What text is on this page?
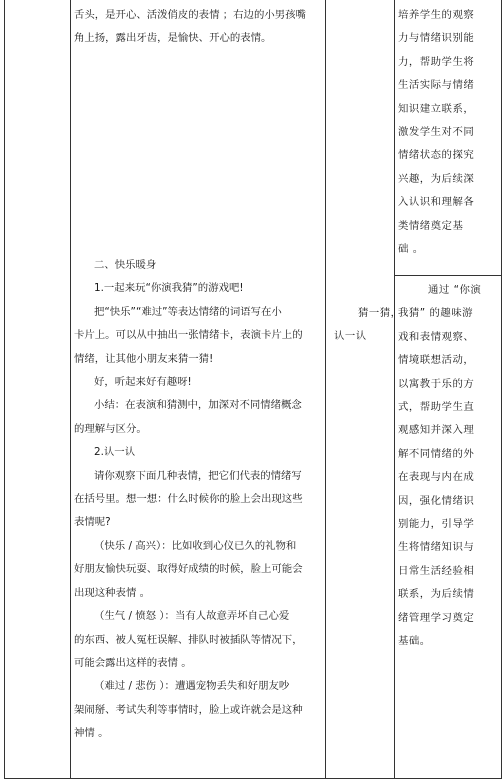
舌头，是开心、活泼俏皮的表情 ；右边的小男孩嘴

角上扬，露出牙齿，是愉快、开心的表情。

二、快乐暖身

1.一起来玩“你演我猜”的游戏吧!

把“快乐”“难过”等表达情绪的词语写在小

卡片上。可以从中抽出一张情绪卡，表演卡片上的

情绪，让其他小朋友来猜一猜!

好，听起来好有趣呀!

小结：在表演和猜测中，加深对不同情绪概念

的理解与区分。

2.认一认

请你观察下面几种表情，把它们代表的情绪写

在括号里。想一想：什么时候你的脸上会出现这些

表情呢?

（快乐 / 高兴）：比如收到心仪已久的礼物和

好朋友愉快玩耍、取得好成绩的时候，脸上可能会

出现这种表情 。

（生气 / 愤怒 ）：当有人故意弄坏自己心爱

的东西、被人冤枉误解、排队时被插队等情况下，

可能会露出这样的表情 。

（难过 / 悲伤 ）：遭遇宠物丢失和好朋友吵

架闹掰、考试失利等事情时，脸上或许就会是这种

神情 。

猜一猜，

认一认

培养学生的观察

力与情绪识别能

力，帮助学生将

生活实际与情绪

知识建立联系，

激发学生对不同

情绪状态的探究

兴趣，为后续深

入认识和理解各

类情绪奠定基

础 。

通过 “你演

我猜” 的趣味游

戏和表情观察、

情境联想活动，

以寓教于乐的方

式，帮助学生直

观感知并深入理

解不同情绪的外

在表现与内在成

因，强化情绪识

别能力，引导学

生将情绪知识与

日常生活经验相

联系，为后续情

绪管理学习奠定

基础。
